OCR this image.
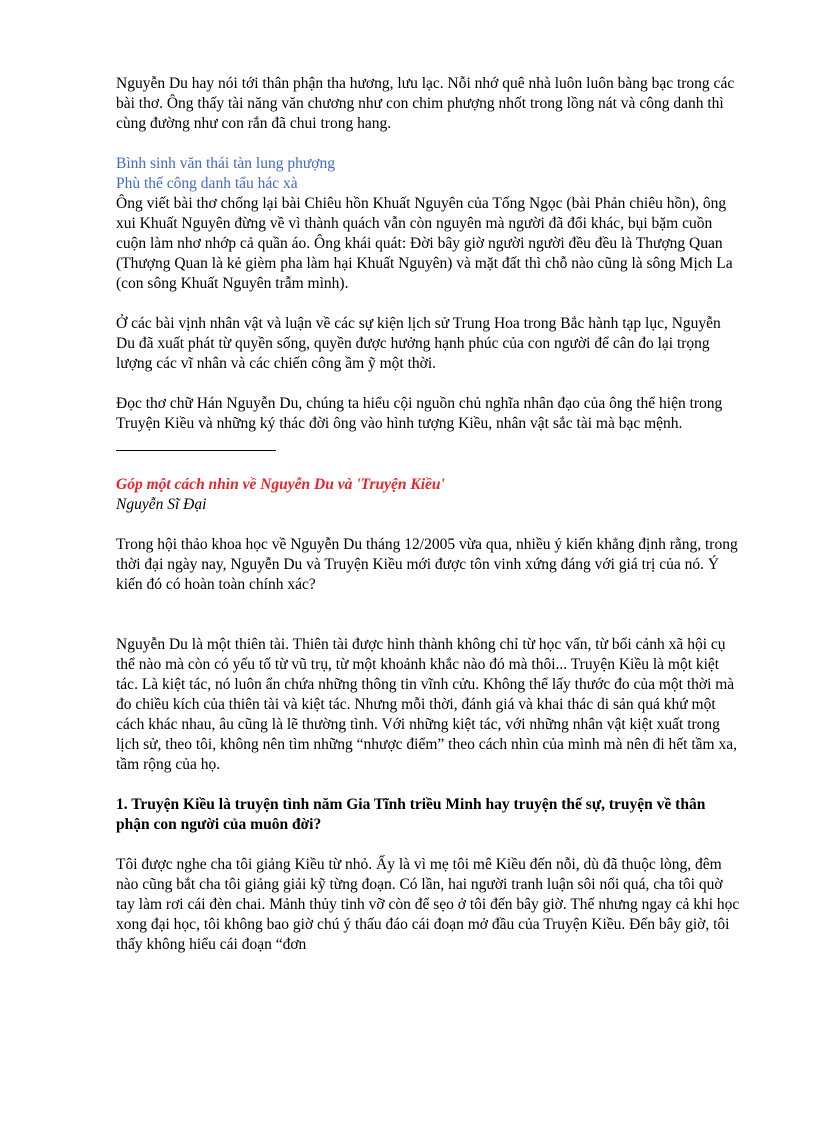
Nguyễn Du hay nói tới thân phận tha hương, lưu lạc. Nỗi nhớ quê nhà luôn luôn bàng bạc trong các bài thơ. Ông thấy tài năng văn chương như con chim phượng nhốt trong lồng nát và công danh thì cùng đường như con rắn đã chui trong hang.

Bình sinh văn thái tàn lung phượng

Phù thế công danh tẩu hác xà

Ông viết bài thơ chống lại bài Chiêu hồn Khuất Nguyên của Tống Ngọc (bài Phản chiêu hồn), ông xui Khuất Nguyên đừng về vì thành quách vẫn còn nguyên mà người đã đổi khác, bụi bặm cuồn cuộn làm nhơ nhớp cả quần áo. Ông khái quát: Đời bây giờ người người đều đều là Thượng Quan (Thượng Quan là kẻ gièm pha làm hại Khuất Nguyên) và mặt đất thì chỗ nào cũng là sông Mịch La (con sông Khuất Nguyên trẫm mình).

Ở các bài vịnh nhân vật và luận về các sự kiện lịch sử Trung Hoa trong Bắc hành tạp lục, Nguyễn Du đã xuất phát từ quyền sống, quyền được hưởng hạnh phúc của con người để cân đo lại trọng lượng các vĩ nhân và các chiến công ầm ỹ một thời.

Đọc thơ chữ Hán Nguyễn Du, chúng ta hiểu cội nguồn chủ nghĩa nhân đạo của ông thể hiện trong Truyện Kiều và những ký thác đời ông vào hình tượng Kiều, nhân vật sắc tài mà bạc mệnh.

Góp một cách nhìn về Nguyễn Du và 'Truyện Kiều'

Nguyễn Sĩ Đại

Trong hội thảo khoa học về Nguyễn Du tháng 12/2005 vừa qua, nhiều ý kiến khẳng định rằng, trong thời đại ngày nay, Nguyễn Du và Truyện Kiều mới được tôn vinh xứng đáng với giá trị của nó. Ý kiến đó có hoàn toàn chính xác?

Nguyễn Du là một thiên tài. Thiên tài được hình thành không chỉ từ học vấn, từ bối cảnh xã hội cụ thể nào mà còn có yếu tố từ vũ trụ, từ một khoảnh khắc nào đó mà thôi... Truyện Kiều là một kiệt tác. Là kiệt tác, nó luôn ẩn chứa những thông tin vĩnh cửu. Không thể lấy thước đo của một thời mà đo chiều kích của thiên tài và kiệt tác. Nhưng mỗi thời, đánh giá và khai thác di sản quá khứ một cách khác nhau, âu cũng là lẽ thường tình. Với những kiệt tác, với những nhân vật kiệt xuất trong lịch sử, theo tôi, không nên tìm những “nhược điểm” theo cách nhìn của mình mà nên đi hết tầm xa, tầm rộng của họ.

1. Truyện Kiều là truyện tình năm Gia Tĩnh triều Minh hay truyện thế sự, truyện về thân phận con người của muôn đời?

Tôi được nghe cha tôi giảng Kiều từ nhỏ. Ấy là vì mẹ tôi mê Kiều đến nỗi, dù đã thuộc lòng, đêm nào cũng bắt cha tôi giảng giải kỹ từng đoạn. Có lần, hai người tranh luận sôi nổi quá, cha tôi quờ tay làm rơi cái đèn chai. Mảnh thủy tinh vỡ còn để sẹo ở tôi đến bây giờ. Thế nhưng ngay cả khi học xong đại học, tôi không bao giờ chú ý thấu đáo cái đoạn mở đầu của Truyện Kiều. Đến bây giờ, tôi thấy không hiểu cái đoạn “đơn
